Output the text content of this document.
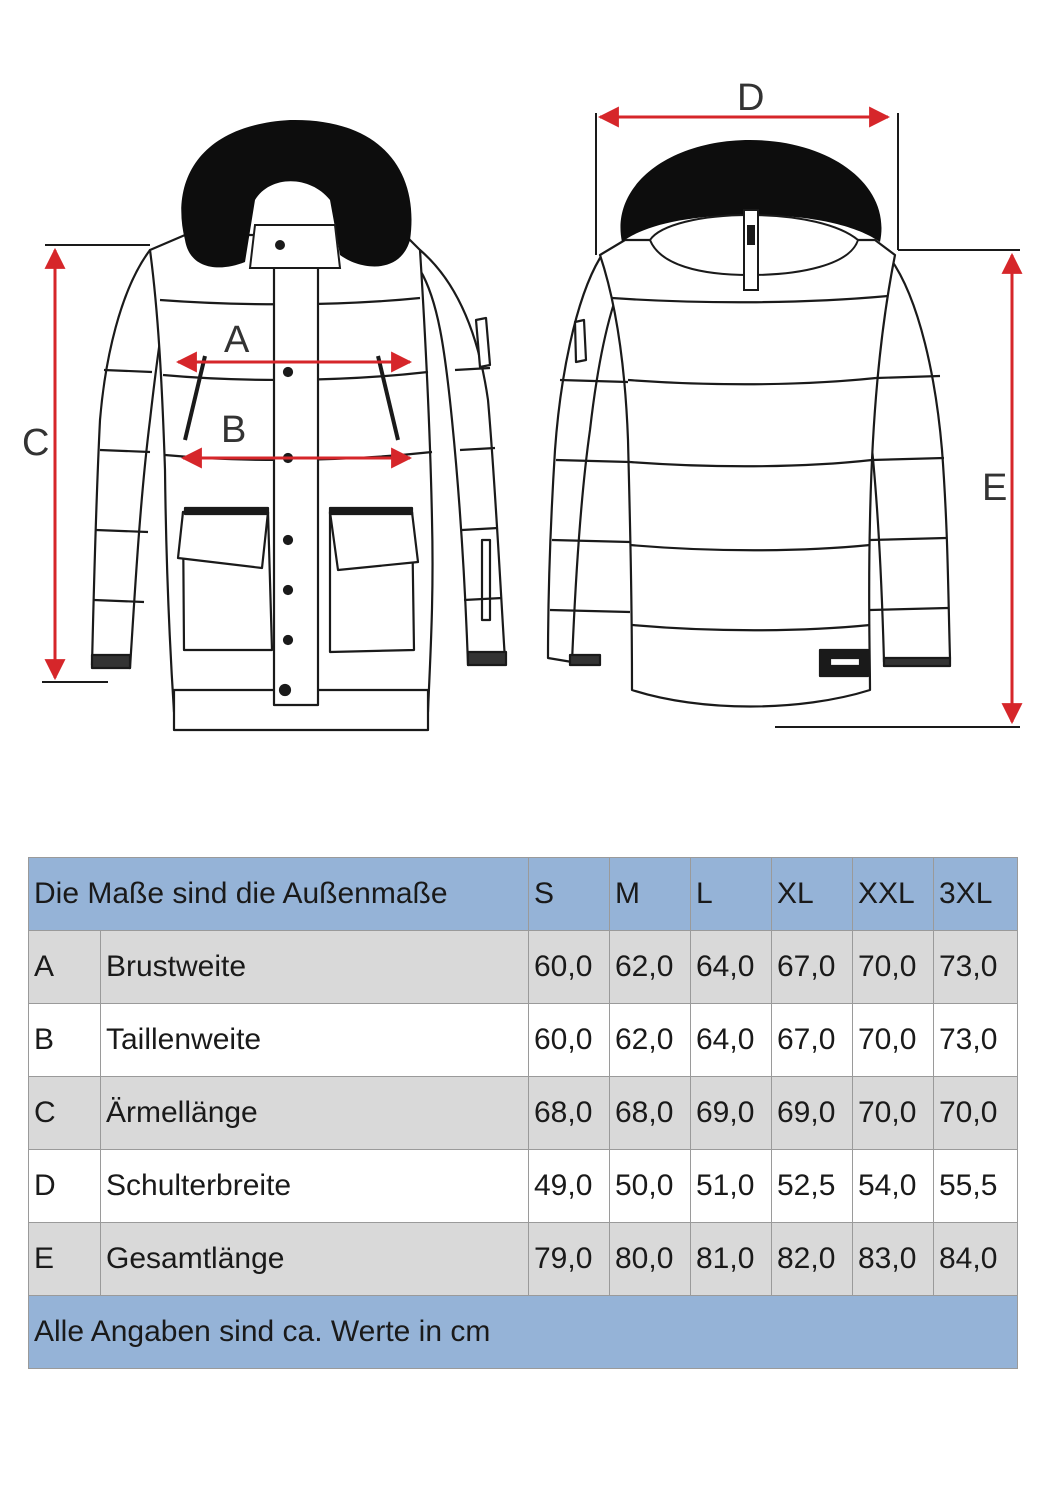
A
B
C
D
E
Die Maße sind die Außenmaße		S	M	L	XL	XXL	3XL
A	Brustweite	60,0	62,0	64,0	67,0	70,0	73,0
B	Taillenweite	60,0	62,0	64,0	67,0	70,0	73,0
C	Ärmellänge	68,0	68,0	69,0	69,0	70,0	70,0
D	Schulterbreite	49,0	50,0	51,0	52,5	54,0	55,5
E	Gesamtlänge	79,0	80,0	81,0	82,0	83,0	84,0
Alle Angaben sind ca. Werte in cm							
